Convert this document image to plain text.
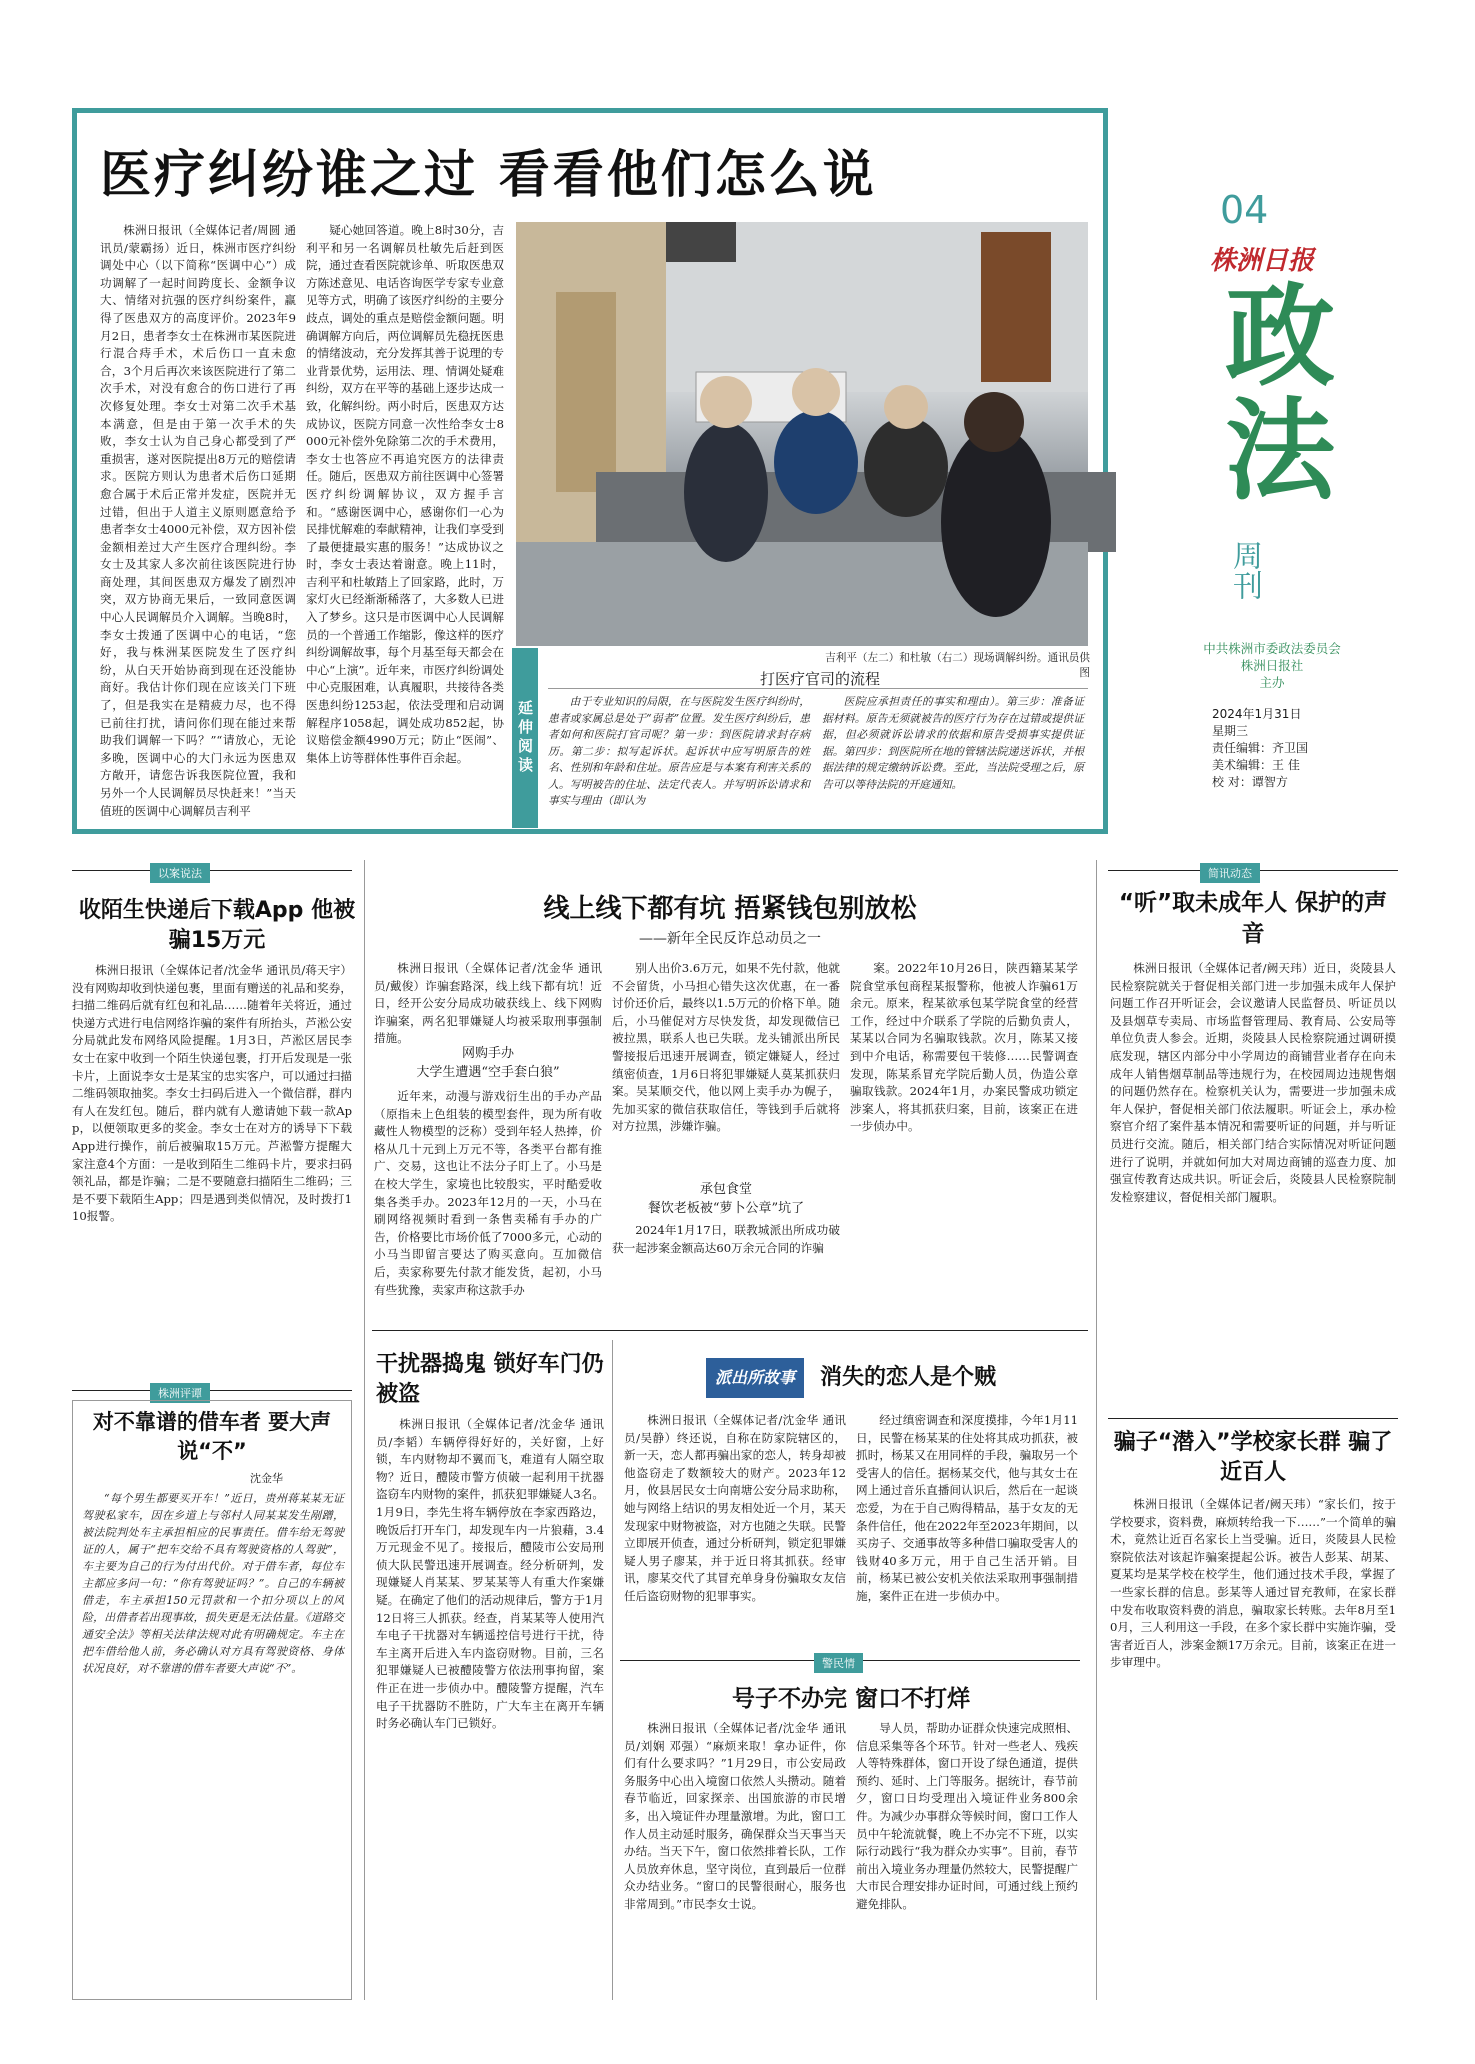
医疗纠纷谁之过 看看他们怎么说

株洲日报讯（全媒体记者/周圆 通讯员/蒙霸扬）近日，株洲市医疗纠纷调处中心（以下简称“医调中心”）成功调解了一起时间跨度长、金额争议大、情绪对抗强的医疗纠纷案件，赢得了医患双方的高度评价。2023年9月2日，患者李女士在株洲市某医院进行混合痔手术，术后伤口一直未愈合，3个月后再次来该医院进行了第二次手术，对没有愈合的伤口进行了再次修复处理。李女士对第二次手术基本满意，但是由于第一次手术的失败，李女士认为自己身心都受到了严重损害，遂对医院提出8万元的赔偿请求。医院方则认为患者术后伤口延期愈合属于术后正常并发症，医院并无过错，但出于人道主义原则愿意给予患者李女士4000元补偿，双方因补偿金额相差过大产生医疗合理纠纷。李女士及其家人多次前往该医院进行协商处理，其间医患双方爆发了剧烈冲突，双方协商无果后，一致同意医调中心人民调解员介入调解。当晚8时，李女士拨通了医调中心的电话，“您好，我与株洲某医院发生了医疗纠纷，从白天开始协商到现在还没能协商好。我估计你们现在应该关门下班了，但是我实在是精疲力尽，也不得已前往打扰，请问你们现在能过来帮助我们调解一下吗？”“请放心，无论多晚，医调中心的大门永远为医患双方敞开，请您告诉我医院位置，我和另外一个人民调解员尽快赶来！”当天值班的医调中心调解员吉利平

疑心她回答道。晚上8时30分，吉利平和另一名调解员杜敏先后赶到医院，通过查看医院就诊单、听取医患双方陈述意见、电话咨询医学专家专业意见等方式，明确了该医疗纠纷的主要分歧点，调处的重点是赔偿金额问题。明确调解方向后，两位调解员先稳抚医患的情绪波动，充分发挥其善于说理的专业背景优势，运用法、理、情调处疑难纠纷，双方在平等的基础上逐步达成一致，化解纠纷。两小时后，医患双方达成协议，医院方同意一次性给李女士8000元补偿外免除第二次的手术费用，李女士也答应不再追究医方的法律责任。随后，医患双方前往医调中心签署医疗纠纷调解协议，双方握手言和。“感谢医调中心，感谢你们一心为民排忧解难的奉献精神，让我们享受到了最便捷最实惠的服务！”达成协议之时，李女士表达着谢意。晚上11时，吉利平和杜敏踏上了回家路，此时，万家灯火已经渐渐稀落了，大多数人已进入了梦乡。这只是市医调中心人民调解员的一个普通工作缩影，像这样的医疗纠纷调解故事，每个月基至每天都会在中心“上演”。近年来，市医疗纠纷调处中心克服困难，认真履职，共接待各类医患纠纷1253起，依法受理和启动调解程序1058起，调处成功852起，协议赔偿金额4990万元；防止“医闹”、集体上访等群体性事件百余起。

吉利平（左二）和杜敏（右二）现场调解纠纷。通讯员供图
延伸阅读
打医疗官司的流程

由于专业知识的局限，在与医院发生医疗纠纷时，患者或家属总是处于“弱者”位置。发生医疗纠纷后，患者如何和医院打官司呢？第一步：到医院请求封存病历。第二步：拟写起诉状。起诉状中应写明原告的姓名、性别和年龄和住址。原告应是与本案有利害关系的人。写明被告的住址、法定代表人。并写明诉讼请求和事实与理由（即认为

医院应承担责任的事实和理由）。第三步：准备证据材料。原告无须就被告的医疗行为存在过错或提供证据，但必须就诉讼请求的依据和原告受损事实提供证据。第四步：到医院所在地的管辖法院递送诉状，并根据法律的规定缴纳诉讼费。至此，当法院受理之后，原告可以等待法院的开庭通知。

04
株洲日报
政法
周刊
中共株洲市委政法委员会
株洲日报社
主办
2024年1月31日
星期三
责任编辑：齐卫国
美术编辑：王 佳
校 对：谭智方
以案说法
收陌生快递后下载App 他被骗15万元

株洲日报讯（全媒体记者/沈金华 通讯员/蒋天宇）没有网购却收到快递包裹，里面有赠送的礼品和奖券，扫描二维码后就有红包和礼品……随着年关将近，通过快递方式进行电信网络诈骗的案件有所抬头，芦淞公安分局就此发布网络风险提醒。1月3日，芦淞区居民李女士在家中收到一个陌生快递包裹，打开后发现是一张卡片，上面说李女士是某宝的忠实客户，可以通过扫描二维码领取抽奖。李女士扫码后进入一个微信群，群内有人在发红包。随后，群内就有人邀请她下载一款App，以便领取更多的奖金。李女士在对方的诱导下下载App进行操作，前后被骗取15万元。芦淞警方提醒大家注意4个方面：一是收到陌生二维码卡片，要求扫码领礼品，都是诈骗；二是不要随意扫描陌生二维码；三是不要下载陌生App；四是遇到类似情况，及时拨打110报警。

株洲评谭
对不靠谱的借车者 要大声说“不”
沈金华

“每个男生都要买开车！”近日，贵州蒋某某无证驾驶私家车，因在乡道上与邻村人同某某发生剐蹭，被法院判处车主承担相应的民事责任。借车给无驾驶证的人，属于“把车交给不具有驾驶资格的人驾驶”，车主要为自己的行为付出代价。对于借车者，每位车主都应多问一句：“你有驾驶证吗？”。自己的车辆被借走，车主承担150元罚款和一个扣分项以上的风险，出借者若出现事故，损失更是无法估量。《道路交通安全法》等相关法律法规对此有明确规定。车主在把车借给他人前，务必确认对方具有驾驶资格、身体状况良好，对不靠谱的借车者要大声说“不”。

线上线下都有坑 捂紧钱包别放松
——新年全民反诈总动员之一

株洲日报讯（全媒体记者/沈金华 通讯员/戴俊）诈骗套路深，线上线下都有坑！近日，经开公安分局成功破获线上、线下网购诈骗案，两名犯罪嫌疑人均被采取刑事强制措施。

网购手办
大学生遭遇“空手套白狼”

近年来，动漫与游戏衍生出的手办产品（原指未上色组装的模型套件，现为所有收藏性人物模型的泛称）受到年轻人热捧，价格从几十元到上万元不等，各类平台都有推广、交易，这也让不法分子盯上了。小马是在校大学生，家境也比较殷实，平时酷爱收集各类手办。2023年12月的一天，小马在刷网络视频时看到一条售卖稀有手办的广告，价格要比市场价低了7000多元，心动的小马当即留言要达了购买意向。互加微信后，卖家称要先付款才能发货，起初，小马有些犹豫，卖家声称这款手办

别人出价3.6万元，如果不先付款，他就不会留货，小马担心错失这次优惠，在一番讨价还价后，最终以1.5万元的价格下单。随后，小马催促对方尽快发货，却发现微信已被拉黑，联系人也已失联。龙头铺派出所民警接报后迅速开展调查，锁定嫌疑人，经过缜密侦查，1月6日将犯罪嫌疑人莫某抓获归案。吴某顺交代，他以网上卖手办为幌子，先加买家的微信获取信任，等钱到手后就将对方拉黑，涉嫌诈骗。

承包食堂
餐饮老板被“萝卜公章”坑了

2024年1月17日，联教城派出所成功破获一起涉案金额高达60万余元合同的诈骗

案。2022年10月26日，陕西籍某某学院食堂承包商程某报警称，他被人诈骗61万余元。原来，程某欲承包某学院食堂的经营工作，经过中介联系了学院的后勤负责人，某某以合同为名骗取钱款。次月，陈某又接到中介电话，称需要包干装修……民警调查发现，陈某系冒充学院后勤人员，伪造公章骗取钱款。2024年1月，办案民警成功锁定涉案人，将其抓获归案，目前，该案正在进一步侦办中。

干扰器捣鬼 锁好车门仍被盗

株洲日报讯（全媒体记者/沈金华 通讯员/李韬）车辆停得好好的，关好窗，上好锁，车内财物却不翼而飞，难道有人隔空取物？近日，醴陵市警方侦破一起利用干扰器盗窃车内财物的案件，抓获犯罪嫌疑人3名。1月9日，李先生将车辆停放在李家西路边，晚饭后打开车门，却发现车内一片狼藉，3.4万元现金不见了。接报后，醴陵市公安局刑侦大队民警迅速开展调查。经分析研判，发现嫌疑人肖某某、罗某某等人有重大作案嫌疑。在确定了他们的活动规律后，警方于1月12日将三人抓获。经查，肖某某等人使用汽车电子干扰器对车辆遥控信号进行干扰，待车主离开后进入车内盗窃财物。目前，三名犯罪嫌疑人已被醴陵警方依法刑事拘留，案件正在进一步侦办中。醴陵警方提醒，汽车电子干扰器防不胜防，广大车主在离开车辆时务必确认车门已锁好。

派出所故事	消失的恋人是个贼

株洲日报讯（全媒体记者/沈金华 通讯员/吴静）终还说，自称在防家院辖区的，新一天，恋人都再骗出家的恋人，转身却被他盗窃走了数额较大的财产。2023年12月，攸县居民女士向南塘公安分局求助称，她与网络上结识的男友相处近一个月，某天发现家中财物被盗，对方也随之失联。民警立即展开侦查，通过分析研判，锁定犯罪嫌疑人男子廖某，并于近日将其抓获。经审讯，廖某交代了其冒充单身身份骗取女友信任后盗窃财物的犯罪事实。

经过缜密调查和深度摸排，今年1月11日，民警在杨某某的住处将其成功抓获，被抓时，杨某又在用同样的手段，骗取另一个受害人的信任。据杨某交代，他与其女士在网上通过音乐直播间认识后，然后在一起谈恋爱，为在于自己购得精品，基于女友的无条件信任，他在2022年至2023年期间，以买房子、交通事故等多种借口骗取受害人的钱财40多万元，用于自己生活开销。目前，杨某已被公安机关依法采取刑事强制措施，案件正在进一步侦办中。

警民情
号子不办完 窗口不打烊

株洲日报讯（全媒体记者/沈金华 通讯员/刘娴 邓强）“麻烦来取！拿办证件，你们有什么要求吗？”1月29日，市公安局政务服务中心出入境窗口依然人头攒动。随着春节临近，回家探亲、出国旅游的市民增多，出入境证件办理量激增。为此，窗口工作人员主动延时服务，确保群众当天事当天办结。当天下午，窗口依然排着长队，工作人员放弃休息，坚守岗位，直到最后一位群众办结业务。“窗口的民警很耐心，服务也非常周到。”市民李女士说。

导人员，帮助办证群众快速完成照相、信息采集等各个环节。针对一些老人、残疾人等特殊群体，窗口开设了绿色通道，提供预约、延时、上门等服务。据统计，春节前夕，窗口日均受理出入境证件业务800余件。为减少办事群众等候时间，窗口工作人员中午轮流就餐，晚上不办完不下班，以实际行动践行“我为群众办实事”。目前，春节前出入境业务办理量仍然较大，民警提醒广大市民合理安排办证时间，可通过线上预约避免排队。

简讯动态
“听”取未成年人 保护的声音

株洲日报讯（全媒体记者/阙天玮）近日，炎陵县人民检察院就关于督促相关部门进一步加强未成年人保护问题工作召开听证会，会议邀请人民监督员、听证员以及县烟草专卖局、市场监督管理局、教育局、公安局等单位负责人参会。近期，炎陵县人民检察院通过调研摸底发现，辖区内部分中小学周边的商铺营业者存在向未成年人销售烟草制品等违规行为，在校园周边违规售烟的问题仍然存在。检察机关认为，需要进一步加强未成年人保护，督促相关部门依法履职。听证会上，承办检察官介绍了案件基本情况和需要听证的问题，并与听证员进行交流。随后，相关部门结合实际情况对听证问题进行了说明，并就如何加大对周边商铺的巡查力度、加强宣传教育达成共识。听证会后，炎陵县人民检察院制发检察建议，督促相关部门履职。

骗子“潜入”学校家长群 骗了近百人

株洲日报讯（全媒体记者/阙天玮）“家长们，按于学校要求，资料费，麻烦转给我一下……”一个简单的骗术，竟然让近百名家长上当受骗。近日，炎陵县人民检察院依法对该起诈骗案提起公诉。被告人彭某、胡某、夏某均是某学校在校学生，他们通过技术手段，掌握了一些家长群的信息。彭某等人通过冒充教师，在家长群中发布收取资料费的消息，骗取家长转账。去年8月至10月，三人利用这一手段，在多个家长群中实施诈骗，受害者近百人，涉案金额17万余元。目前，该案正在进一步审理中。
